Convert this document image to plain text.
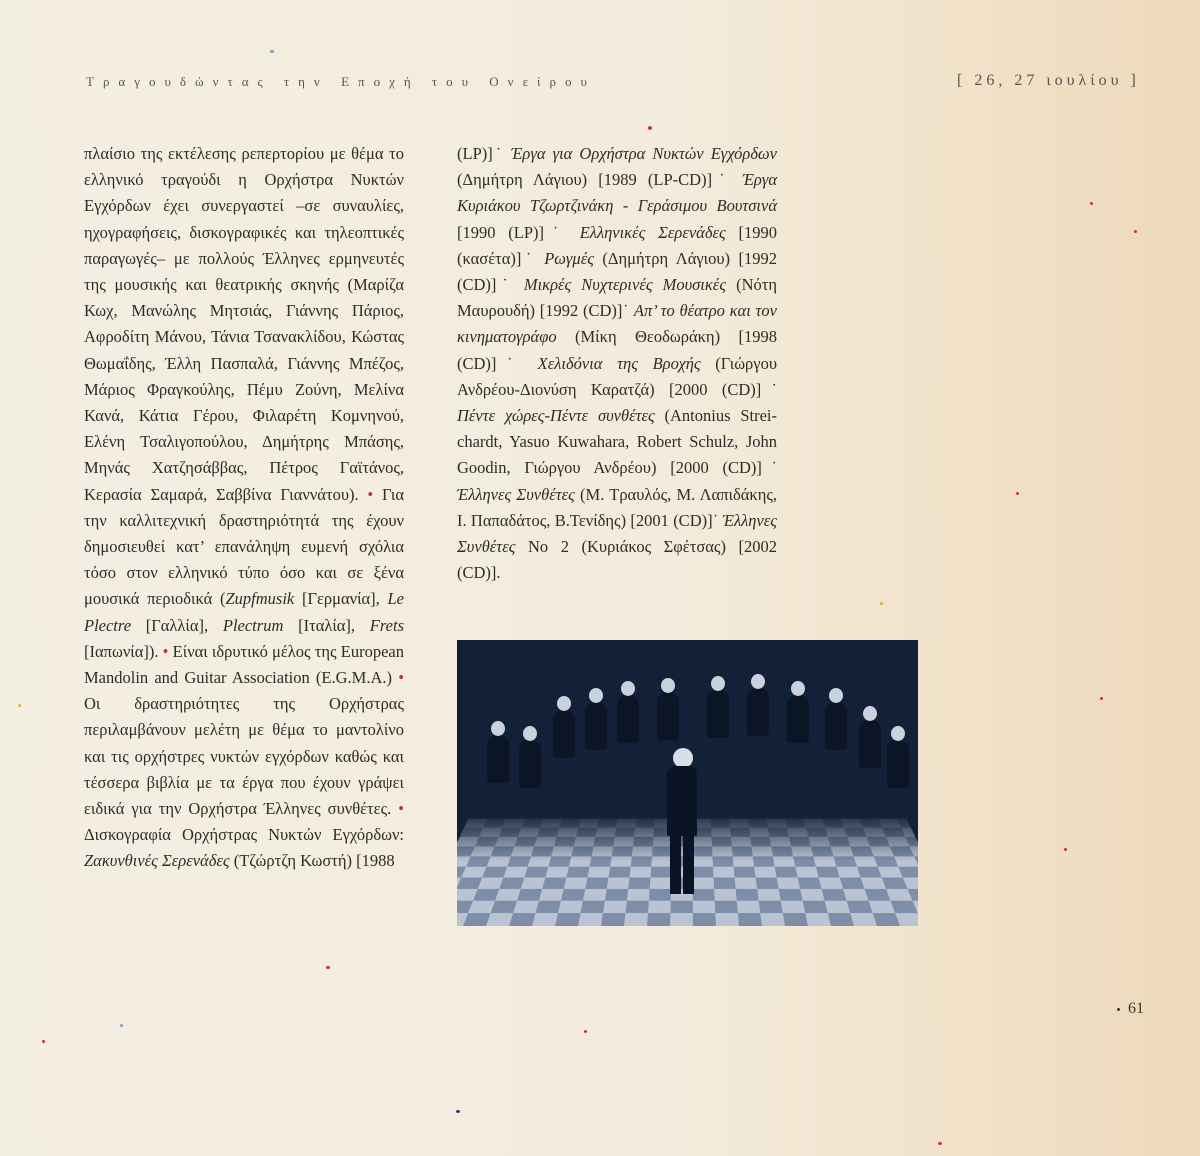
Τραγουδώντας την Εποχή του Ονείρου	[ 26, 27 ιουλίου ]

πλαίσιο της εκτέλεσης ρεπερτορίου με θέμα το ελληνικό τραγούδι η Ορχήστρα Νυκτών Εγχόρδων έχει συνεργαστεί –σε συναυλίες, ηχογραφήσεις, δισκογραφικές και τηλεοπτικές παραγωγές– με πολλούς Έλληνες ερμηνευτές της μουσικής και θεατρικής σκηνής (Μαρίζα Κωχ, Μανώλης Μητσιάς, Γιάννης Πάριος, Αφροδίτη Μάνου, Τάνια Τσανακλίδου, Κώστας Θωμαΐδης, Έλλη Πασπαλά, Γιάννης Μπέζος, Μάριος Φραγκούλης, Πέμυ Ζούνη, Μελίνα Κανά, Κάτια Γέρου, Φιλαρέτη Κομνηνού, Ελένη Τσαλιγοπούλου, Δημήτρης Μπάσης, Μηνάς Χατζησάββας, Πέτρος Γαϊτάνος, Κερασία Σαμαρά, Σαββίνα Γιαννάτου). • Για την καλλιτεχνική δραστηριότητά της έχουν δημοσιευθεί κατ’ επανάληψη ευμενή σχόλια τόσο στον ελληνικό τύπο όσο και σε ξένα μουσικά περιοδικά (Zupfmusik [Γερμανία], Le Plectre [Γαλλία], Plectrum [Ιταλία], Frets [Ιαπωνία]). • Είναι ιδρυτικό μέλος της European Mandolin and Guitar Association (E.G.M.A.) • Οι δραστηριότητες της Ορχήστρας περιλαμβάνουν μελέτη με θέμα το μαντολίνο και τις ορχήστρες νυκτών εγχόρδων καθώς και τέσσερα βιβλία με τα έργα που έχουν γράψει ειδικά για την Ορχήστρα Έλληνες συνθέτες. • Δισκογραφία Ορχήστρας Νυκτών Εγχόρδων: Ζακυνθινές Σερενάδες (Τζώρτζη Κωστή) [1988

(LP)]˙ Έργα για Ορχήστρα Νυκτών Εγχόρδων (Δημήτρη Λάγιου) [1989 (LP-CD)]˙ Έργα Κυριάκου Τζωρτζινάκη - Γεράσιμου Βουτσινά [1990 (LP)]˙ Ελληνικές Σερενάδες [1990 (κασέτα)]˙ Ρωγμές (Δημήτρη Λάγιου) [1992 (CD)]˙ Μικρές Νυχτερινές Μουσικές (Νότη Μαυρουδή) [1992 (CD)]˙ Απ’ το θέατρο και τον κινηματογράφο (Μίκη Θεοδωράκη) [1998 (CD)]˙ Χελιδόνια της Βροχής (Γιώργου Ανδρέου-Διονύση Καρατζά) [2000 (CD)]˙ Πέντε χώρες-Πέντε συνθέτες (Antonius Strei-chardt, Yasuo Kuwahara, Robert Schulz, John Goodin, Γιώργου Ανδρέου) [2000 (CD)]˙ Έλληνες Συνθέτες (Μ. Τραυλός, Μ. Λαπιδάκης, Ι. Παπαδάτος, Β.Τενίδης) [2001 (CD)]˙ Έλληνες Συνθέτες No 2 (Κυριάκος Σφέτσας) [2002 (CD)].

61
